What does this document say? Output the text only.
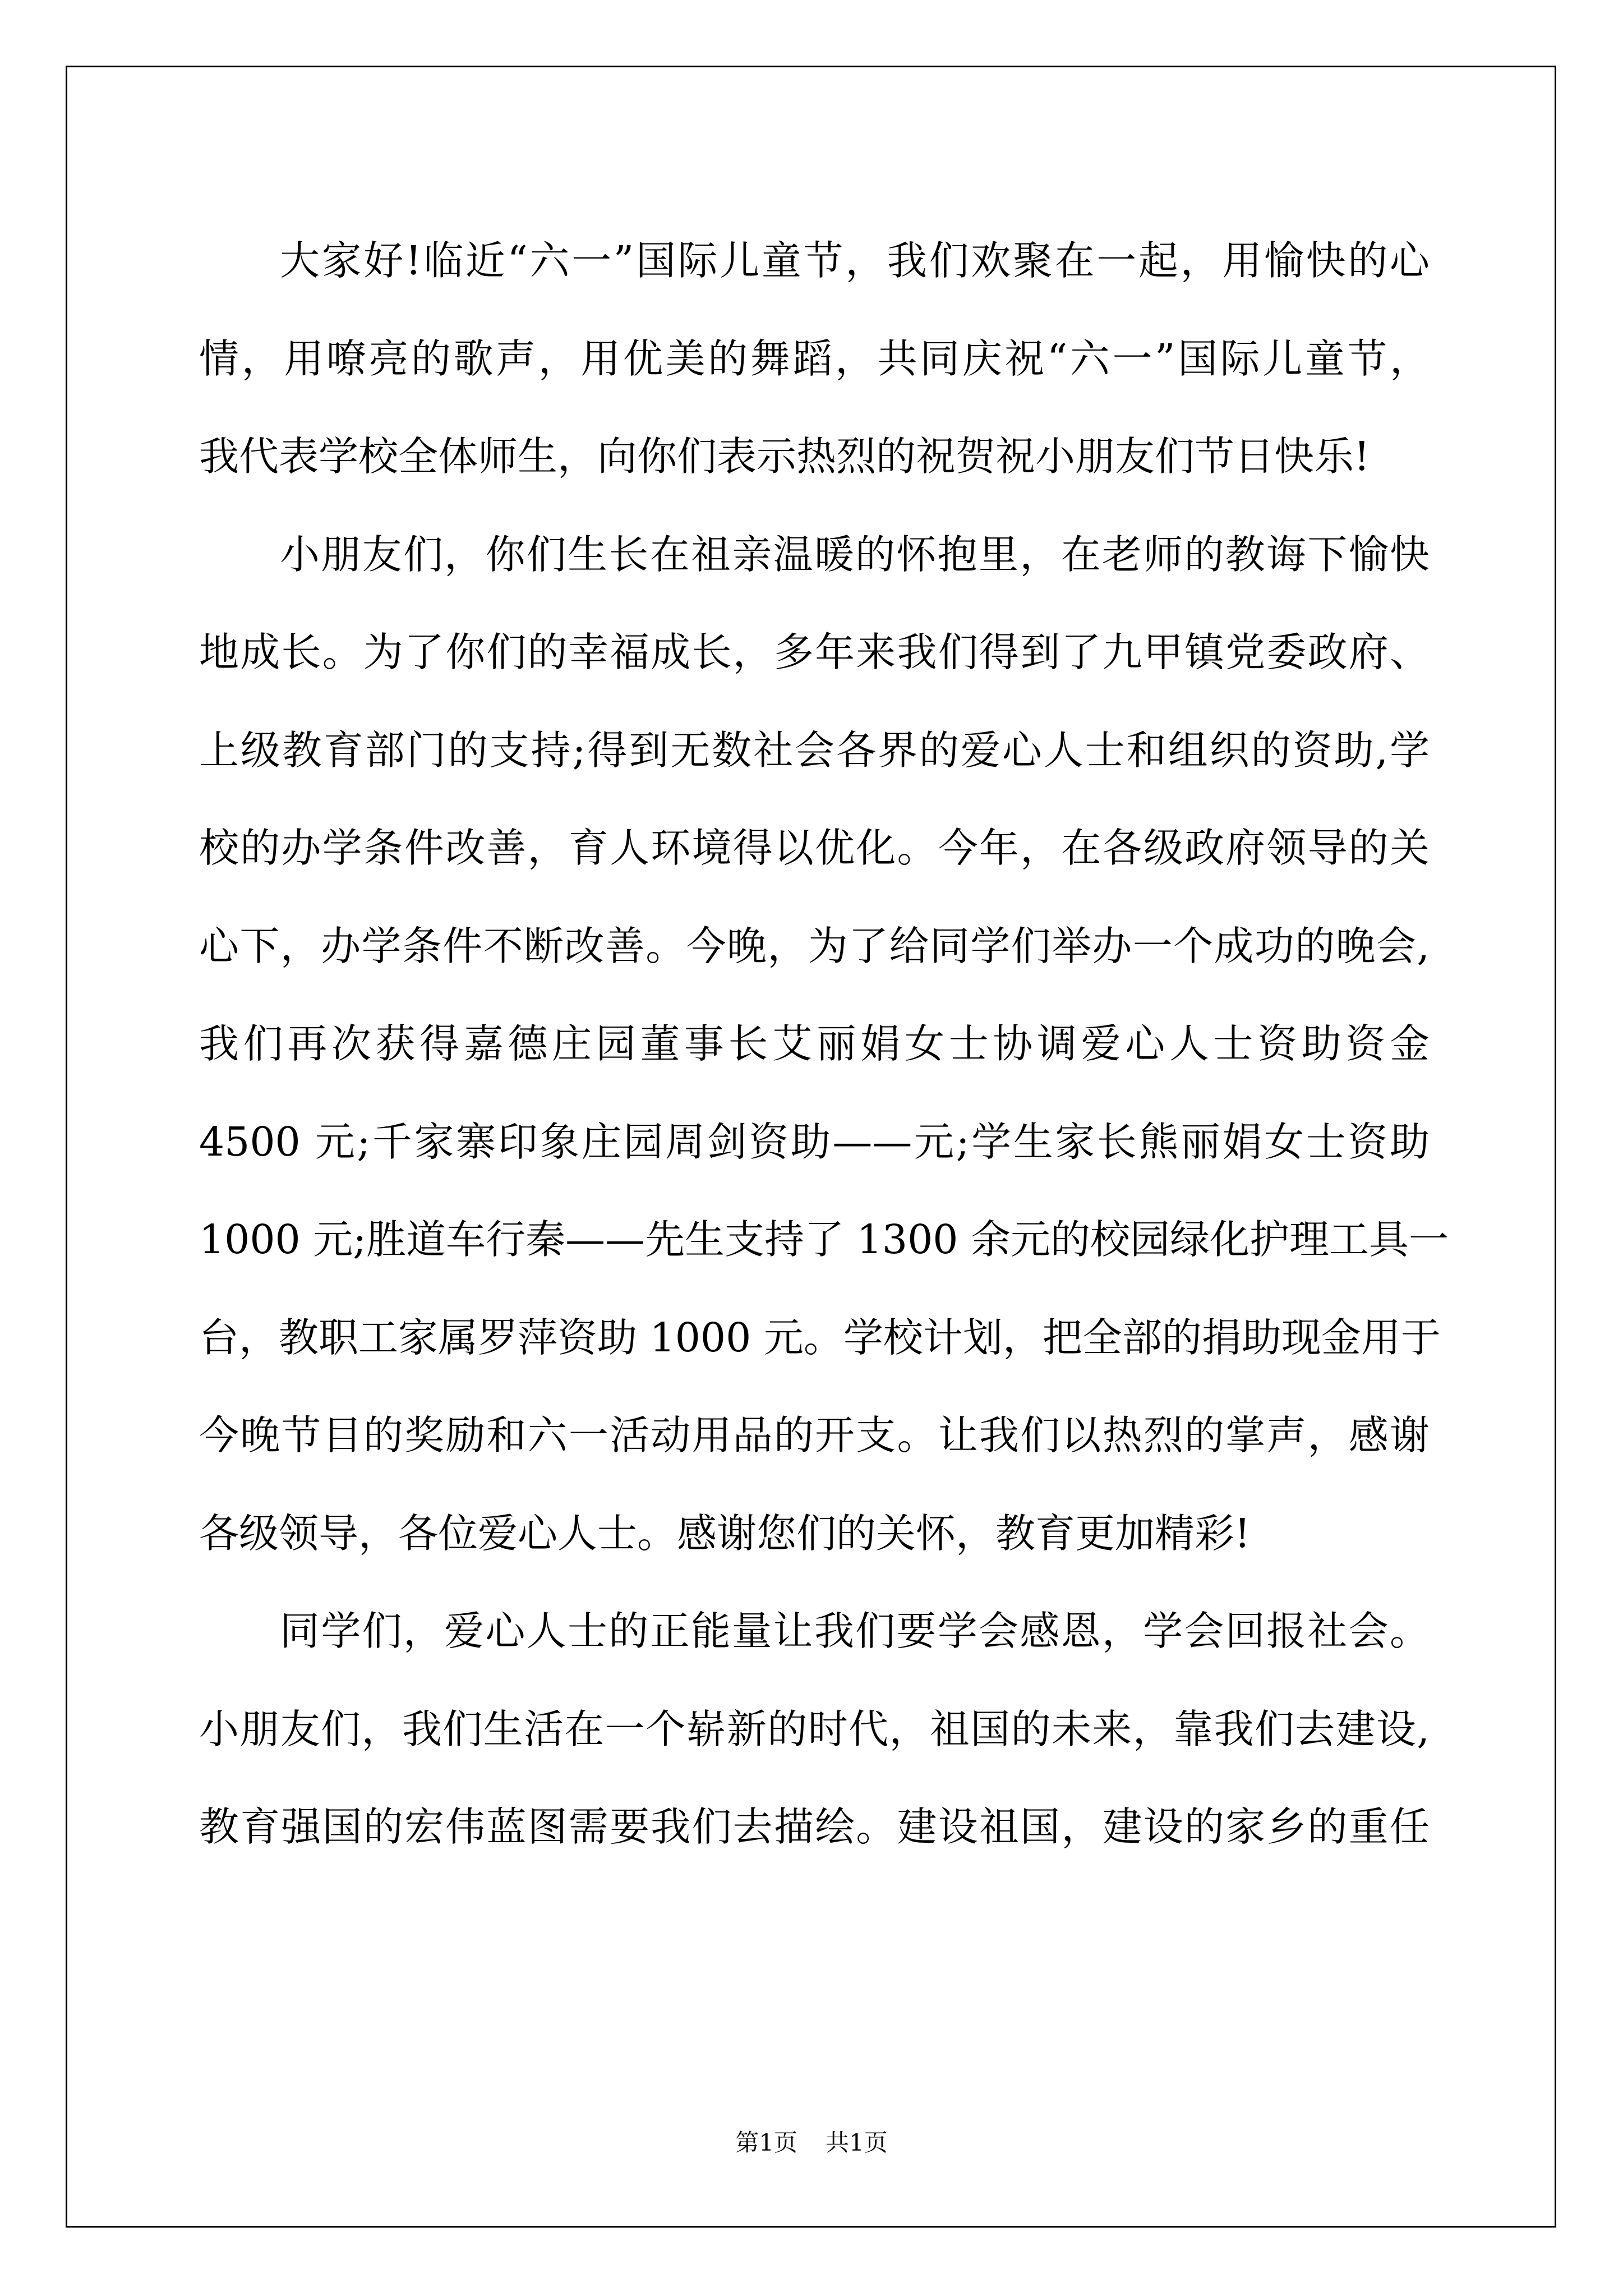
大家好!临近“六一”国际儿童节，我们欢聚在一起，用愉快的心
情，用嘹亮的歌声，用优美的舞蹈，共同庆祝“六一”国际儿童节，
我代表学校全体师生，向你们表示热烈的祝贺祝小朋友们节日快乐!
小朋友们，你们生长在祖亲温暖的怀抱里，在老师的教诲下愉快
地成长。为了你们的幸福成长，多年来我们得到了九甲镇党委政府、
上级教育部门的支持;得到无数社会各界的爱心人士和组织的资助,学
校的办学条件改善，育人环境得以优化。今年，在各级政府领导的关
心下，办学条件不断改善。今晚，为了给同学们举办一个成功的晚会,
我们再次获得嘉德庄园董事长艾丽娟女士协调爱心人士资助资金
4500 元;千家寨印象庄园周剑资助——元;学生家长熊丽娟女士资助
1000 元;胜道车行秦——先生支持了 1300 余元的校园绿化护理工具一
台，教职工家属罗萍资助 1000 元。学校计划，把全部的捐助现金用于
今晚节目的奖励和六一活动用品的开支。让我们以热烈的掌声，感谢
各级领导，各位爱心人士。感谢您们的关怀，教育更加精彩!
同学们，爱心人士的正能量让我们要学会感恩，学会回报社会。
小朋友们，我们生活在一个崭新的时代，祖国的未来，靠我们去建设,
教育强国的宏伟蓝图需要我们去描绘。建设祖国，建设的家乡的重任
第1页 共1页
